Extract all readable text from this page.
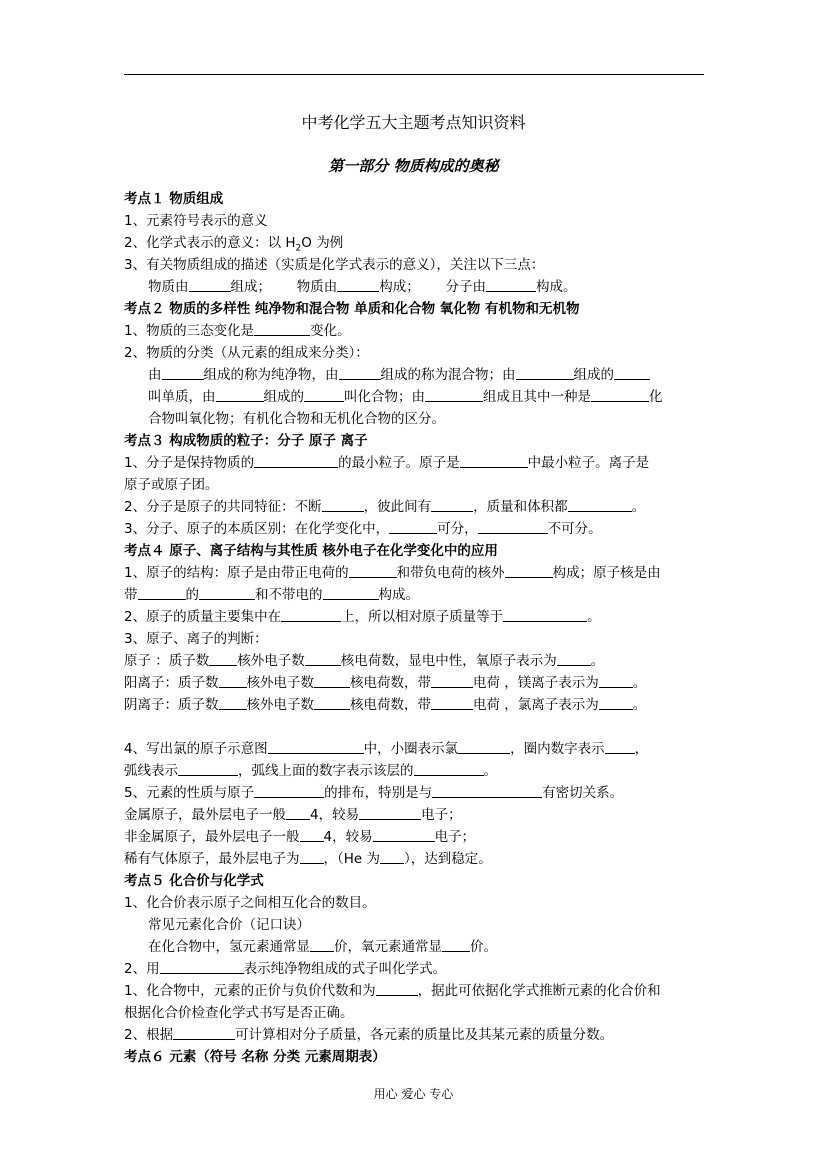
中考化学五大主题考点知识资料
第一部分 物质构成的奥秘
考点１ 物质组成
1、元素符号表示的意义
2、化学式表示的意义：以 $H_2O$ 为例
3、有关物质组成的描述（实质是化学式表示的意义），关注以下三点：
物质由	组成； 物质由	构成； 分子由	构成。
考点２ 物质的多样性 纯净物和混合物 单质和化合物 氧化物 有机物和无机物
1、物质的三态变化是	变化。
2、物质的分类（从元素的组成来分类）：
由	组成的称为纯净物，由	组成的称为混合物；由	组成的
叫单质，由	组成的	叫化合物；由	组成且其中一种是	化
合物叫氧化物；有机化合物和无机化合物的区分。
考点３ 构成物质的粒子：分子 原子 离子
1、分子是保持物质的	的最小粒子。原子是	中最小粒子。离子是
原子或原子团。
2、分子是原子的共同特征：不断	，彼此间有	，质量和体积都	。
3、分子、原子的本质区别：在化学变化中，	可分，	不可分。
考点４ 原子、离子结构与其性质 核外电子在化学变化中的应用
1、原子的结构：原子是由带正电荷的	和带负电荷的核外	构成；原子核是由
带	的	和不带电的	构成。
2、原子的质量主要集中在	上，所以相对原子质量等于	。
3、原子、离子的判断：
原子 ：质子数 核外电子数	核电荷数，显电中性，氧原子表示为	。
阳离子：质子数 核外电子数	核电荷数，带	电荷 ，镁离子表示为	。
阴离子：质子数 核外电子数	核电荷数，带	电荷 ，氯离子表示为	。
4、写出氯的原子示意图	中，小圈表示氯	，圈内数字表示 ，
弧线表示	，弧线上面的数字表示该层的	。
5、元素的性质与原子	的排布，特别是与	有密切关系。
金属原子，最外层电子一般 4，较易	电子；
非金属原子，最外层电子一般 4，较易	电子；
稀有气体原子，最外层电子为 ，（He 为 ），达到稳定。
考点５ 化合价与化学式
1、化合价表示原子之间相互化合的数目。
常见元素化合价（记口诀）
在化合物中，氢元素通常显 价，氧元素通常显 价。
2、用	表示纯净物组成的式子叫化学式。
1、化合物中，元素的正价与负价代数和为	，据此可依据化学式推断元素的化合价和
根据化合价检查化学式书写是否正确。
2、根据	可计算相对分子质量，各元素的质量比及其某元素的质量分数。
考点６ 元素（符号 名称 分类 元素周期表）
用心 爱心 专心
